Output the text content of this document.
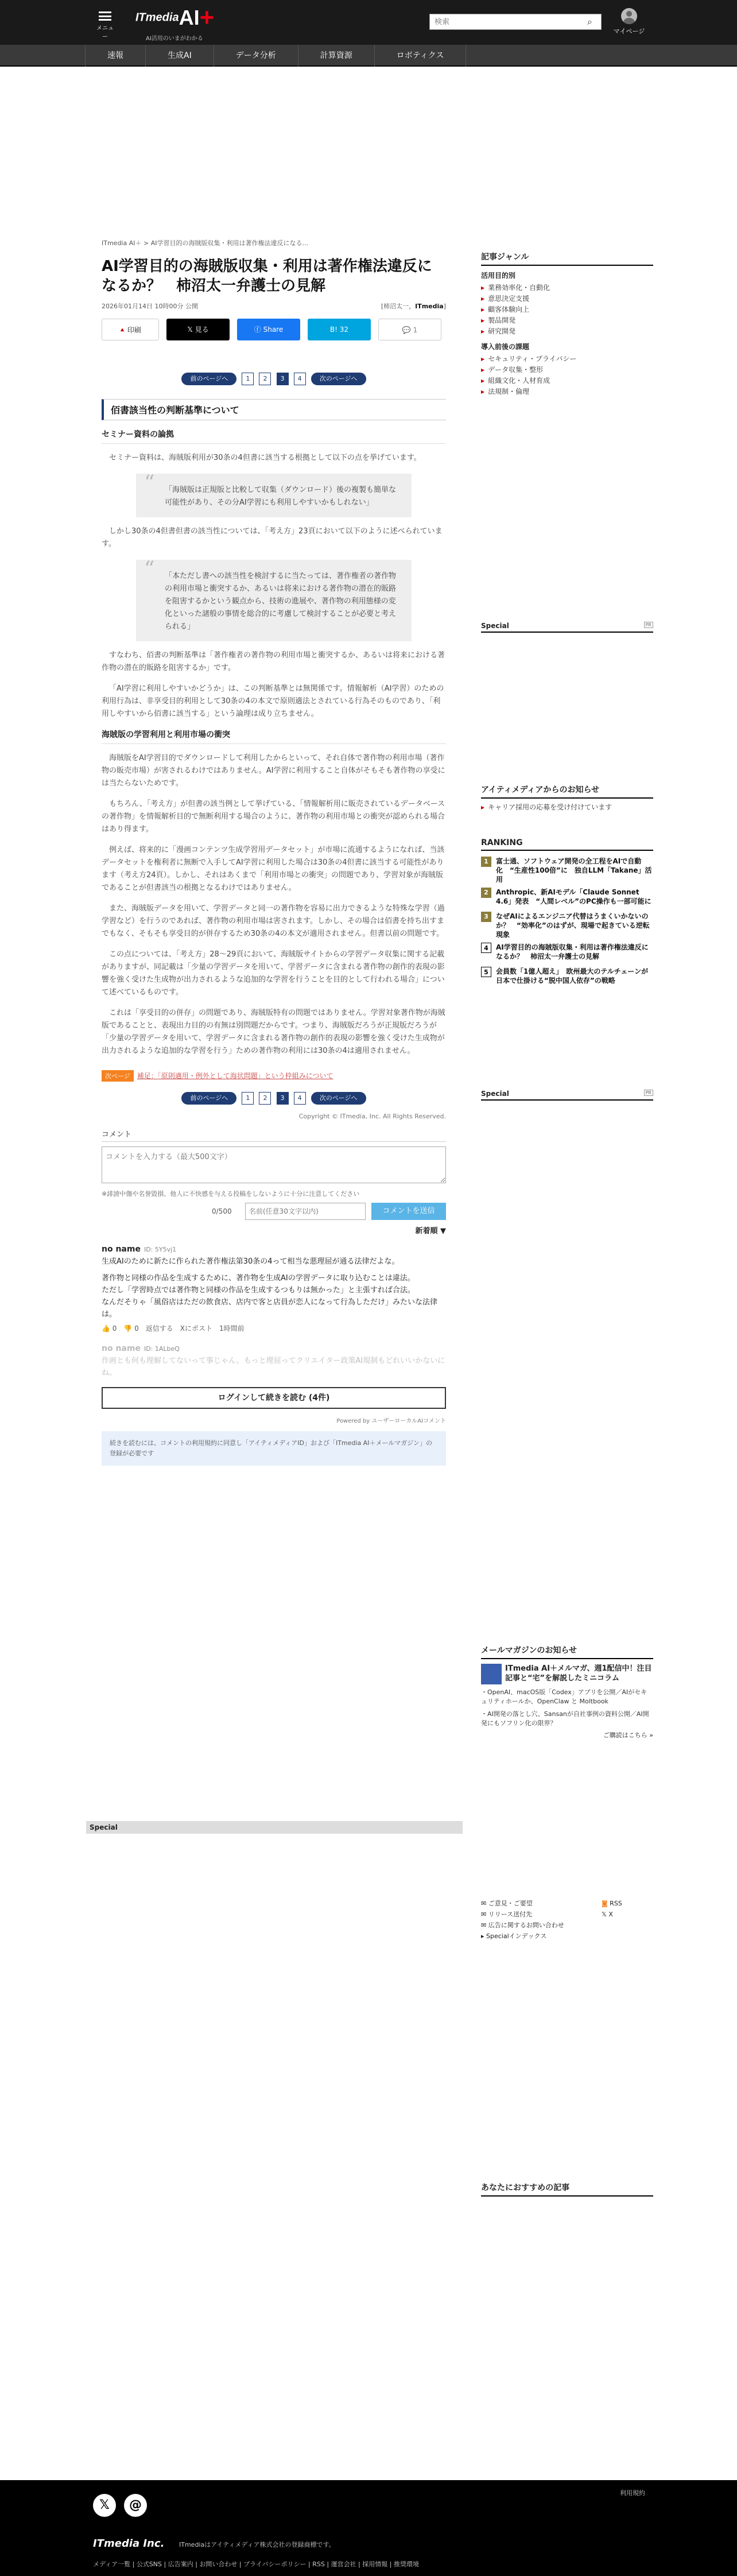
メニュー
ITmediaAI+
AI活用のいまがわかる
検索
⌕
マイページ
速報	生成AI	データ分析	計算資源	ロボティクス
ITmedia AI＋ > AI学習目的の海賊版収集・利用は著作権法違反になる...
AI学習目的の海賊版収集・利用は著作権法違反になるか？　柿沼太一弁護士の見解
2026年01月14日 10時00分 公開	[柿沼太一，ITmedia]
⯅ 印刷	𝕏 見る	ⓕ Share	B! 32	💬 1
前のページへ	1 2 3 4	次のページへ
佰書該当性の判断基準について
セミナー資料の論拠

セミナー資料は、海賊版利用が30条の4但書に該当する根拠として以下の点を挙げています。

“ 「海賊版は正規版と比較して収集（ダウンロード）後の複製も簡単な可能性があり、その分AI学習にも利用しやすいかもしれない」

しかし30条の4但書但書の該当性については、「考え方」23頁において以下のように述べられています。

“ 「本ただし書への該当性を検討するに当たっては、著作権者の著作物の利用市場と衝突するか、あるいは将来における著作物の潜在的販路を阻害するかという観点から、技術の進展や、著作物の利用態様の変化といった諸般の事情を総合的に考慮して検討することが必要と考えられる」

すなわち、佰書の判断基準は「著作権者の著作物の利用市場と衝突するか、あるいは将来における著作物の潜在的販路を阻害するか」です。

「AI学習に利用しやすいかどうか」は、この判断基準とは無関係です。情報解析（AI学習）のための利用行為は、非享受目的利用として30条の4の本文で原則適法とされている行為そのものであり、「利用しやすいから佰書に該当する」という論理は成り立ちません。

海賊版の学習利用と利用市場の衝突

海賊版をAI学習目的でダウンロードして利用したからといって、それ自体で著作物の利用市場（著作物の販売市場）が害されるわけではありません。AI学習に利用すること自体がそもそも著作物の享受には当たらないためです。

もちろん、「考え方」が但書の該当例として挙げている、「情報解析用に販売されているデータベースの著作物」を情報解析目的で無断利用する場合のように、著作物の利用市場との衝突が認められる場合はあり得ます。

例えば、将来的に「漫画コンテンツ生成学習用データセット」が市場に流通するようになれば、当該データセットを権利者に無断で入手してAI学習に利用した場合は30条の4但書に該当する可能性があります（考え方24頁）。しかし、それはあくまで「利用市場との衝突」の問題であり、学習対象が海賊版であることが但書該当の根拠となるわけではありません。

また、海賊版データを用いて、学習データと同一の著作物を容易に出力できるような特殊な学習（過学習など）を行うのであれば、著作物の利用市場は害されます。しかし、その場合は佰書を持ち出すまでもなく、そもそも享受目的が併存するため30条の4の本文が適用されません。但書以前の問題です。

この点については、「考え方」28〜29頁において、海賊版サイトからの学習データ収集に関する記載がありますが、同記載は「少量の学習データを用いて、学習データに含まれる著作物の創作的表現の影響を強く受けた生成物が出力されるような追加的な学習を行うことを目的として行われる場合」について述べているものです。

これは「享受目的の併存」の問題であり、海賊版特有の問題ではありません。学習対象著作物が海賊版であることと、表現出力目的の有無は別問題だからです。つまり、海賊版だろうが正規版だろうが「少量の学習データを用いて、学習データに含まれる著作物の創作的表現の影響を強く受けた生成物が出力されるような追加的な学習を行う」ための著作物の利用には30条の4は適用されません。

次ページ 補足：「原則適用・例外として海状問題」という枠組みについて
前のページへ	1 2 3 4	次のページへ
Copyright © ITmedia, Inc. All Rights Reserved.
コメント
コメントを入力する（最大500文字）
※誹謗中傷や名誉毀損、他人に不快感を与える投稿をしないように十分に注意してください
0/500
名前(任意30文字以内)	コメントを送信
新着順 ▼
no name ID: 5Y5vj1
生成AIのために新たに作られた著作権法第30条の4って相当な悪理屈が通る法律だよな。
著作物と同様の作品を生成するために、著作物を生成AIの学習データに取り込むことは違法。
ただし「学習時点では著作物と同様の作品を生成するつもりは無かった」と主張すれば合法。
なんだそりゃ「風俗店はただの飲食店、店内で客と店員が恋人になって行為しただけ」みたいな法律は。
👍 0　👎 0　返信する　Xにポスト　1時間前
no name ID: 1ALbeQ
作画とも何も理解してないって事じゃん。もっと理屈ってクリエイター政策AI規制もどれいいかないにね。
ログインして続きを読む (4件)
Powered by ユーザーローカルAIコメント
続きを読むには、コメントの利用規約に同意し「アイティメディアID」および「ITmedia AI＋メールマガジン」の登録が必要です
Special
記事ジャンル
活用目的別
▶ 業務効率化・自動化
▶ 意思決定支援
▶ 顧客体験向上
▶ 製品開発
▶ 研究開発
導入前後の課題
▶ セキュリティ・プライバシー
▶ データ収集・整形
▶ 組織文化・人材育成
▶ 法規制・倫理
Special	PR
アイティメディアからのお知らせ
▶ キャリア採用の応募を受け付けています
RANKING
1	富士通、ソフトウェア開発の全工程をAIで自動化　“生産性100倍”に　独自LLM「Takane」活用
2	Anthropic、新AIモデル「Claude Sonnet 4.6」発表　“人間レベル”のPC操作も一部可能に
3	なぜAIによるエンジニア代替はうまくいかないのか？　“効率化”のはずが、現場で起きている逆転現象
4	AI学習目的の海賊版収集・利用は著作権法違反になるか？　柿沼太一弁護士の見解
5	会員数「1億人超え」　欧州最大のテルチェーンが日本で仕掛ける“脱中国人依存”の戦略
Special	PR
メールマガジンのお知らせ
ITmedia AI＋メルマガ、週1配信中！注目記事と“宅”を解説したミニコラム
・OpenAI、macOS版「Codex」アプリを公開／AIがセキュリティホールか、OpenClaw と Moltbook
・AI開発の落とし穴、Sansanが自社事例の資料公開／AI開発にもソフリン化の限界？
ご購読はこちら »
✉ ご意見・ご要望
✉ リリース送付先
✉ 広告に関するお問い合わせ
▸ Specialインデックス
◙ RSS
𝕏 X
あなたにおすすめの記事
𝕏	@
利用規約
ITmedia Inc. ITmediaはアイティメディア株式会社の登録商標です。
メディア一覧 | 公式SNS | 広告案内 | お問い合わせ | プライバシーポリシー | RSS | 運営会社 | 採用情報 | 推奨環境
